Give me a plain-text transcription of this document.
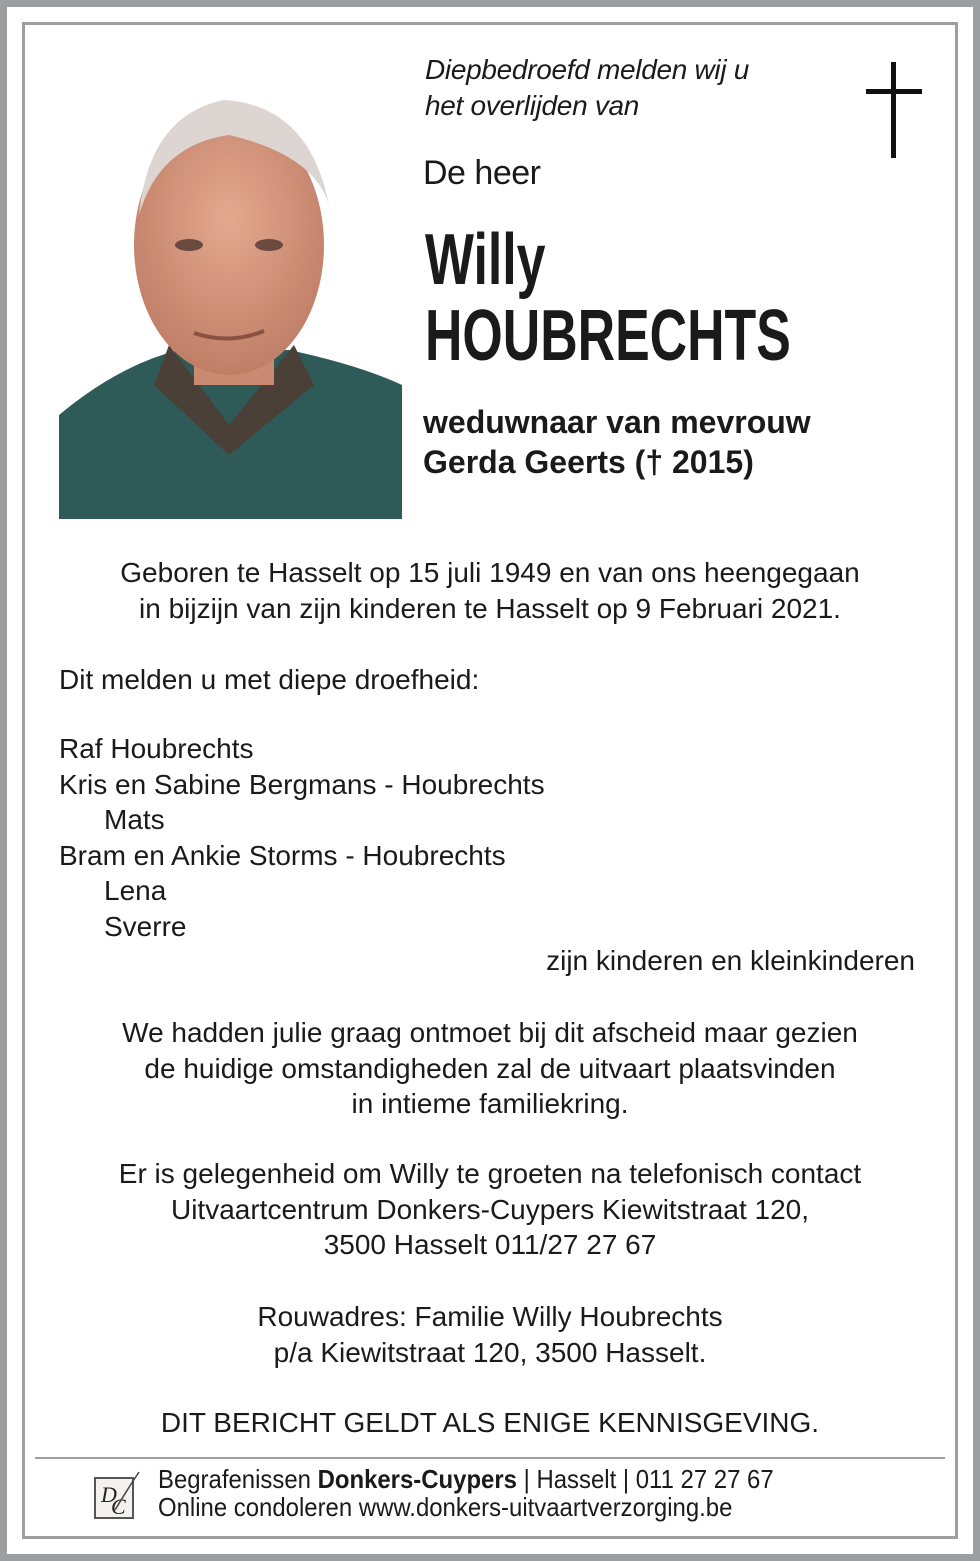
Diepbedroefd melden wij u
het overlijden van
De heer
Willy
HOUBRECHTS
weduwnaar van mevrouw
Gerda Geerts († 2015)
Geboren te Hasselt op 15 juli 1949 en van ons heengegaan
in bijzijn van zijn kinderen te Hasselt op 9 Februari 2021.
Dit melden u met diepe droefheid:
Raf Houbrechts
Kris en Sabine Bergmans - Houbrechts
Mats
Bram en Ankie Storms - Houbrechts
Lena
Sverre
zijn kinderen en kleinkinderen
We hadden julie graag ontmoet bij dit afscheid maar gezien
de huidige omstandigheden zal de uitvaart plaatsvinden
in intieme familiekring.
Er is gelegenheid om Willy te groeten na telefonisch contact
Uitvaartcentrum Donkers-Cuypers Kiewitstraat 120,
3500 Hasselt 011/27 27 67
Rouwadres: Familie Willy Houbrechts
p/a Kiewitstraat 120, 3500 Hasselt.
DIT BERICHT GELDT ALS ENIGE KENNISGEVING.
D
C
Begrafenissen Donkers-Cuypers | Hasselt | 011 27 27 67
Online condoleren www.donkers-uitvaartverzorging.be
